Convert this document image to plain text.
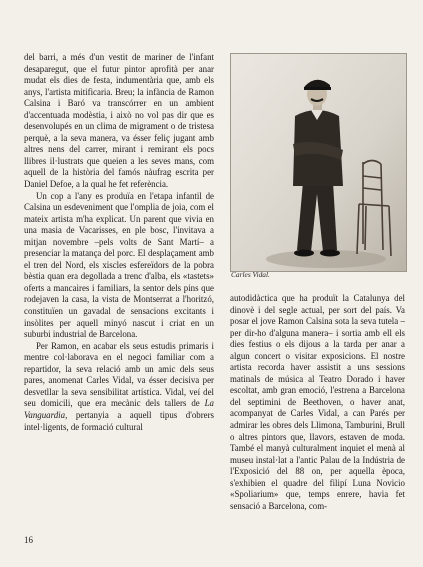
del barri, a més d'un vestit de mariner de l'infant desaparegut, que el futur pintor aprofità per anar mudat els dies de festa, indumentària que, amb els anys, l'artista mitificaria. Breu; la infància de Ramon Calsina i Baró va transcórrer en un ambient d'accentuada modèstia, i això no vol pas dir que es desenvolupés en un clima de migrament o de tristesa perquè, a la seva manera, va ésser feliç jugant amb altres nens del carrer, mirant i remirant els pocs llibres il·lustrats que queien a les seves mans, com aquell de la història del famós nàufrag escrita per Daniel Defoe, a la qual he fet referència.

Un cop a l'any es produïa en l'etapa infantil de Calsina un esdeveniment que l'omplia de joia, com el mateix artista m'ha explicat. Un parent que vivia en una masia de Vacarisses, en ple bosc, l'invitava a mitjan novembre –pels volts de Sant Martí– a presenciar la matança del porc. El desplaçament amb el tren del Nord, els xiscles esfereïdors de la pobra bèstia quan era degollada a trenc d'alba, els «tastets» oferts a mancaires i familiars, la sentor dels pins que rodejaven la casa, la vista de Montserrat a l'horitzó, constituïen un gavadal de sensacions excitants i insòlites per aquell minyó nascut i criat en un suburbi industrial de Barcelona.

Per Ramon, en acabar els seus estudis primaris i mentre col·laborava en el negoci familiar com a repartidor, la seva relació amb un amic dels seus pares, anomenat Carles Vidal, va ésser decisiva per desvetllar la seva sensibilitat artística. Vidal, veí del seu domicili, que era mecànic dels tallers de La Vanguardia, pertanyia a aquell tipus d'obrers intel·ligents, de formació cultural

Carles Vidal.

autodidàctica que ha produït la Catalunya del dinovè i del segle actual, per sort del país. Va posar el jove Ramon Calsina sota la seva tutela –per dir-ho d'alguna manera– i sortia amb ell els dies festius o els dijous a la tarda per anar a algun concert o visitar exposicions. El nostre artista recorda haver assistit a uns sessions matinals de música al Teatro Dorado i haver escoltat, amb gran emoció, l'estrena a Barcelona del septimini de Beethoven, o haver anat, acompanyat de Carles Vidal, a can Parés per admirar les obres dels Llimona, Tamburini, Brull o altres pintors que, llavors, estaven de moda. També el manyà culturalment inquiet el menà al museu instal·lat a l'antic Palau de la Indústria de l'Exposició del 88 on, per aquella època, s'exhibien el quadre del filipí Luna Novicio «Spoliarium» que, temps enrere, havia fet sensació a Barcelona, com-

16
